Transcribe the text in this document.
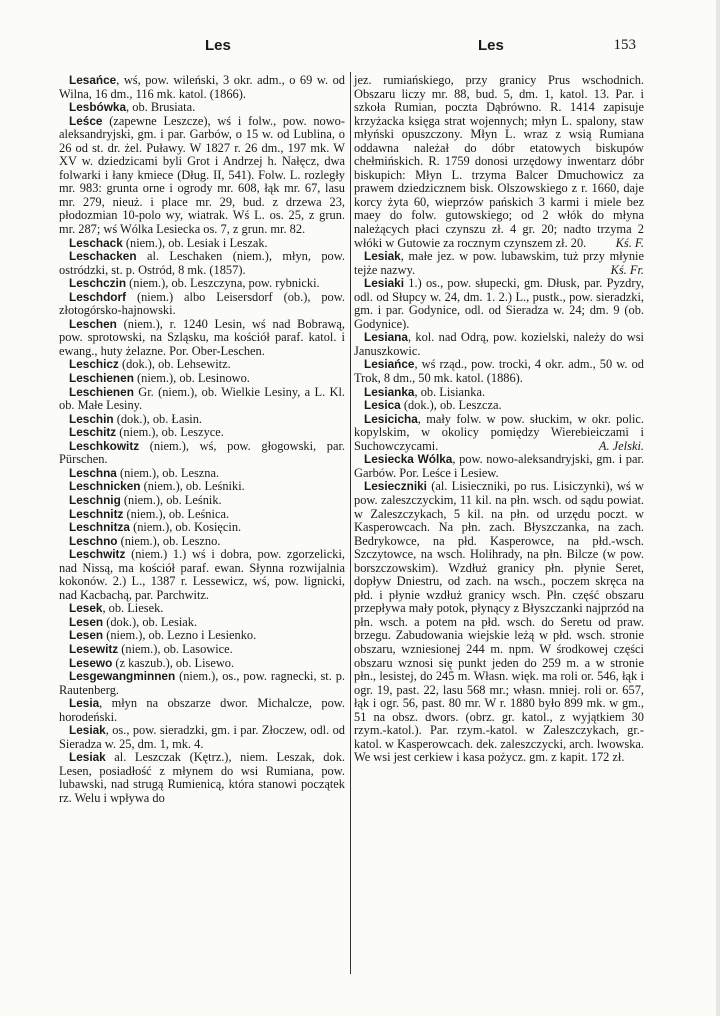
Les	Les	153

Lesańce, wś, pow. wileński, 3 okr. adm., o 69 w. od Wilna, 16 dm., 116 mk. katol. (1866).

Lesbówka, ob. Brusiata.

Leśce (zapewne Leszcze), wś i folw., pow. nowo-aleksandryjski, gm. i par. Garbów, o 15 w. od Lublina, o 26 od st. dr. żel. Puławy. W 1827 r. 26 dm., 197 mk. W XV w. dziedzicami byli Grot i Andrzej h. Nałęcz, dwa folwarki i łany kmiece (Dług. II, 541). Folw. L. rozległy mr. 983: grunta orne i ogrody mr. 608, łąk mr. 67, lasu mr. 279, nieuż. i place mr. 29, bud. z drzewa 23, płodozmian 10-polo wy, wiatrak. Wś L. os. 25, z grun. mr. 287; wś Wólka Lesiecka os. 7, z grun. mr. 82.

Leschack (niem.), ob. Lesiak i Leszak.

Leschacken al. Leschaken (niem.), młyn, pow. ostródzki, st. p. Ostród, 8 mk. (1857).

Leschczin (niem.), ob. Leszczyna, pow. rybnicki.

Leschdorf (niem.) albo Leisersdorf (ob.), pow. złotogórsko-hajnowski.

Leschen (niem.), r. 1240 Lesin, wś nad Bobrawą, pow. sprotowski, na Szląsku, ma kościół paraf. katol. i ewang., huty żelazne. Por. Ober-Leschen.

Leschicz (dok.), ob. Lehsewitz.

Leschienen (niem.), ob. Lesinowo.

Leschienen Gr. (niem.), ob. Wielkie Lesiny, a L. Kl. ob. Małe Lesiny.

Leschin (dok.), ob. Łasin.

Leschitz (niem.), ob. Leszyce.

Leschkowitz (niem.), wś, pow. głogowski, par. Pürschen.

Leschna (niem.), ob. Leszna.

Leschnicken (niem.), ob. Leśniki.

Leschnig (niem.), ob. Leśnik.

Leschnitz (niem.), ob. Leśnica.

Leschnitza (niem.), ob. Kosięcin.

Leschno (niem.), ob. Leszno.

Leschwitz (niem.) 1.) wś i dobra, pow. zgorzelicki, nad Nissą, ma kościół paraf. ewan. Słynna rozwijalnia kokonów. 2.) L., 1387 r. Lessewicz, wś, pow. lignicki, nad Kacbachą, par. Parchwitz.

Lesek, ob. Liesek.

Lesen (dok.), ob. Lesiak.

Lesen (niem.), ob. Lezno i Lesienko.

Lesewitz (niem.), ob. Lasowice.

Lesewo (z kaszub.), ob. Lisewo.

Lesgewangminnen (niem.), os., pow. ragnecki, st. p. Rautenberg.

Lesia, młyn na obszarze dwor. Michalcze, pow. horodeński.

Lesiak, os., pow. sieradzki, gm. i par. Złoczew, odl. od Sieradza w. 25, dm. 1, mk. 4.

Lesiak al. Leszczak (Kętrz.), niem. Leszak, dok. Lesen, posiadłość z młynem do wsi Rumiana, pow. lubawski, nad strugą Rumienicą, która stanowi początek rz. Welu i wpływa do

jez. rumiańskiego, przy granicy Prus wschodnich. Obszaru liczy mr. 88, bud. 5, dm. 1, katol. 13. Par. i szkoła Rumian, poczta Dąbrówno. R. 1414 zapisuje krzyżacka księga strat wojennych; młyn L. spalony, staw młyński opuszczony. Młyn L. wraz z wsią Rumiana oddawna należał do dóbr etatowych biskupów chełmińskich. R. 1759 donosi urzędowy inwentarz dóbr biskupich: Młyn L. trzyma Balcer Dmuchowicz za prawem dziedzicznem bisk. Olszowskiego z r. 1660, daje korcy żyta 60, wieprzów pańskich 3 karmi i miele bez maey do folw. gutowskiego; od 2 włók do młyna należących płaci czynszu zł. 4 gr. 20; nadto trzyma 2 włóki w Gutowie za rocznym czynszem zł. 20. Kś. F.

Lesiak, małe jez. w pow. lubawskim, tuż przy młynie tejże nazwy.	Kś. Fr.

Lesiaki 1.) os., pow. słupecki, gm. Dłusk, par. Pyzdry, odl. od Słupcy w. 24, dm. 1. 2.) L., pustk., pow. sieradzki, gm. i par. Godynice, odl. od Sieradza w. 24; dm. 9 (ob. Godynice).

Lesiana, kol. nad Odrą, pow. kozielski, należy do wsi Januszkowic.

Lesiańce, wś rząd., pow. trocki, 4 okr. adm., 50 w. od Trok, 8 dm., 50 mk. katol. (1886).

Lesianka, ob. Lisianka.

Lesica (dok.), ob. Leszcza.

Lesicicha, mały folw. w pow. słuckim, w okr. polic. kopylskim, w okolicy pomiędzy Wierebieiczami i Suchowczycami.	A. Jelski.

Lesiecka Wólka, pow. nowo-aleksandryjski, gm. i par. Garbów. Por. Leśce i Lesiew.

Lesieczniki (al. Lisiecznikі, po rus. Lisiczynki), wś w pow. zaleszczyckim, 11 kil. na płn. wsch. od sądu powiat. w Zaleszczykach, 5 kil. na płn. od urzędu poczt. w Kasperowcach. Na płn. zach. Błyszczanka, na zach. Bedrykowce, na płd. Kasperowce, na płd.-wsch. Szczytowce, na wsch. Holihrady, na płn. Bilcze (w pow. borszczowskim). Wzdłuż granicy płn. płynie Seret, dopływ Dniestru, od zach. na wsch., poczem skręca na płd. i płynie wzdłuż granicy wsch. Płn. część obszaru przepływa mały potok, płynący z Błyszczanki najprzód na płn. wsch. a potem na płd. wsch. do Seretu od praw. brzegu. Zabudowania wiejskie leżą w płd. wsch. stronie obszaru, wzniesionej 244 m. npm. W środkowej części obszaru wznosi się punkt jeden do 259 m. a w stronie płn., lesistej, do 245 m. Własn. więk. ma roli or. 546, łąk i ogr. 19, past. 22, lasu 568 mr.; własn. mniej. roli or. 657, łąk i ogr. 56, past. 80 mr. W r. 1880 było 899 mk. w gm., 51 na obsz. dwors. (obrz. gr. katol., z wyjątkiem 30 rzym.-katol.). Par. rzym.-katol. w Zaleszczykach, gr.-katol. w Kasperowcach. dek. zaleszczycki, arch. lwowska. We wsi jest cerkiew i kasa pożycz. gm. z kapit. 172 zł.
